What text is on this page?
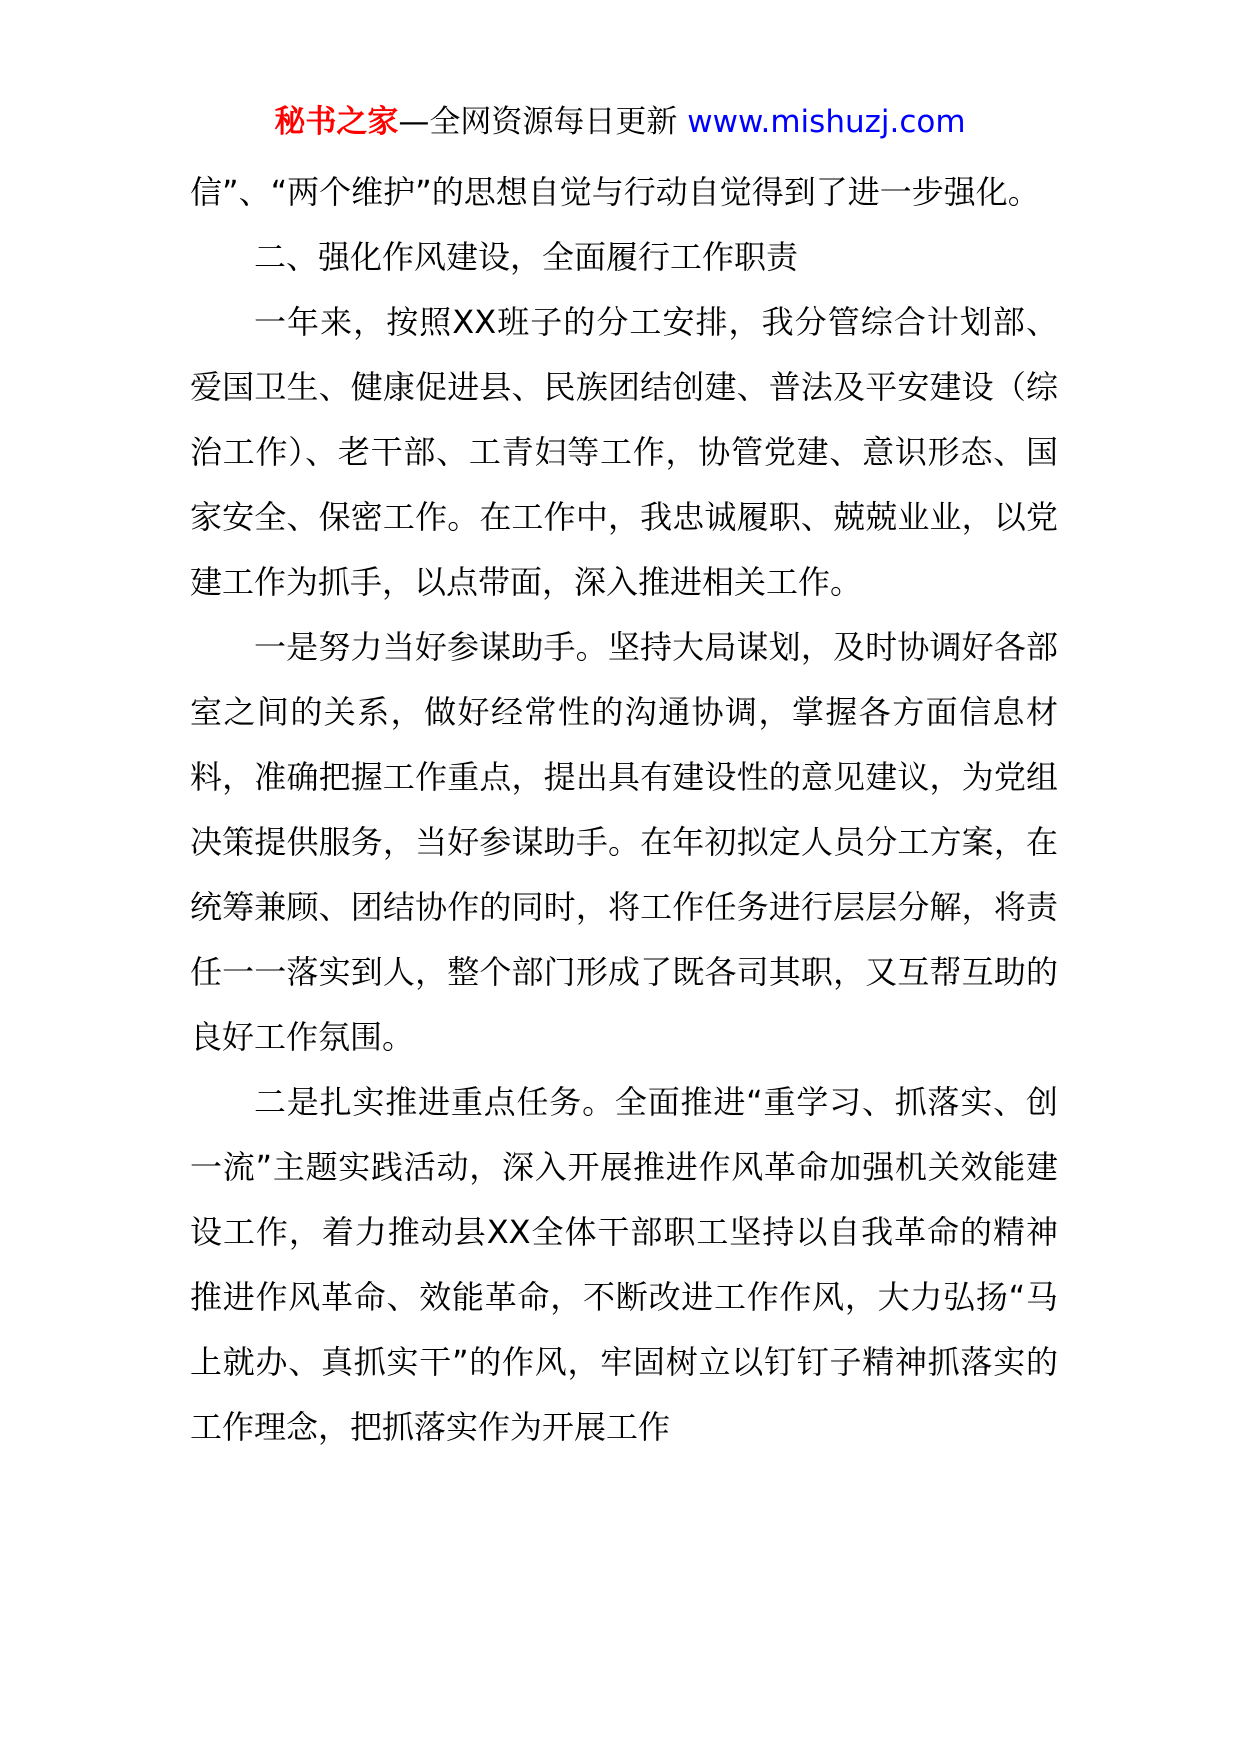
秘书之家—全网资源每日更新 www.mishuzj.com

信”、“两个维护”的思想自觉与行动自觉得到了进一步强化。

二、强化作风建设，全面履行工作职责

一年来，按照XX班子的分工安排，我分管综合计划部、爱国卫生、健康促进县、民族团结创建、普法及平安建设（综治工作）、老干部、工青妇等工作，协管党建、意识形态、国家安全、保密工作。在工作中，我忠诚履职、兢兢业业，以党建工作为抓手，以点带面，深入推进相关工作。

一是努力当好参谋助手。坚持大局谋划，及时协调好各部室之间的关系，做好经常性的沟通协调，掌握各方面信息材料，准确把握工作重点，提出具有建设性的意见建议，为党组决策提供服务，当好参谋助手。在年初拟定人员分工方案，在统筹兼顾、团结协作的同时，将工作任务进行层层分解，将责任一一落实到人，整个部门形成了既各司其职，又互帮互助的良好工作氛围。

二是扎实推进重点任务。全面推进“重学习、抓落实、创一流”主题实践活动，深入开展推进作风革命加强机关效能建设工作，着力推动县XX全体干部职工坚持以自我革命的精神推进作风革命、效能革命，不断改进工作作风，大力弘扬“马上就办、真抓实干”的作风，牢固树立以钉钉子精神抓落实的工作理念，把抓落实作为开展工作
